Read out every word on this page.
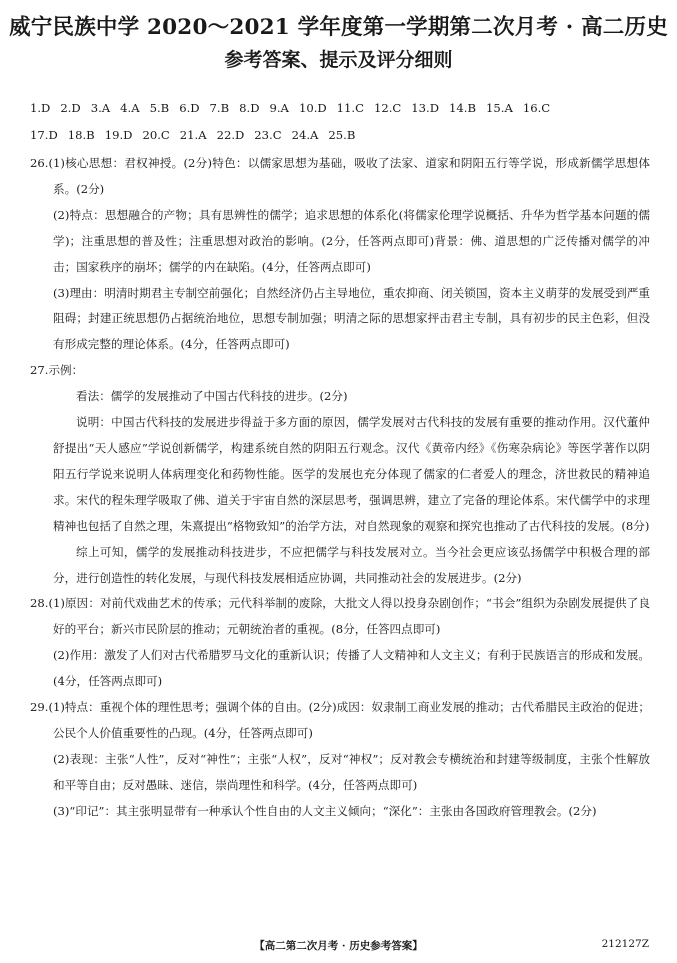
威宁民族中学 2020～2021 学年度第一学期第二次月考 · 高二历史
参考答案、提示及评分细则
1.D 2.D 3.A 4.A 5.B 6.D 7.B 8.D 9.A 10.D 11.C 12.C 13.D 14.B 15.A 16.C
17.D 18.B 19.D 20.C 21.A 22.D 23.C 24.A 25.B

26.(1)核心思想：君权神授。(2分)特色：以儒家思想为基础，吸收了法家、道家和阴阳五行等学说，形成新儒学思想体系。(2分)

(2)特点：思想融合的产物；具有思辨性的儒学；追求思想的体系化(将儒家伦理学说概括、升华为哲学基本问题的儒学)；注重思想的普及性；注重思想对政治的影响。(2分，任答两点即可)背景：佛、道思想的广泛传播对儒学的冲击；国家秩序的崩坏；儒学的内在缺陷。(4分，任答两点即可)

(3)理由：明清时期君主专制空前强化；自然经济仍占主导地位，重农抑商、闭关锁国，资本主义萌芽的发展受到严重阻碍；封建正统思想仍占据统治地位，思想专制加强；明清之际的思想家抨击君主专制，具有初步的民主色彩，但没有形成完整的理论体系。(4分，任答两点即可)

27.示例：

看法：儒学的发展推动了中国古代科技的进步。(2分)

说明：中国古代科技的发展进步得益于多方面的原因，儒学发展对古代科技的发展有重要的推动作用。汉代董仲舒提出“天人感应”学说创新儒学，构建系统自然的阴阳五行观念。汉代《黄帝内经》《伤寒杂病论》等医学著作以阴阳五行学说来说明人体病理变化和药物性能。医学的发展也充分体现了儒家的仁者爱人的理念，济世救民的精神追求。宋代的程朱理学吸取了佛、道关于宇宙自然的深层思考，强调思辨，建立了完备的理论体系。宋代儒学中的求理精神也包括了自然之理，朱熹提出“格物致知”的治学方法，对自然现象的观察和探究也推动了古代科技的发展。(8分)

综上可知，儒学的发展推动科技进步，不应把儒学与科技发展对立。当今社会更应该弘扬儒学中积极合理的部分，进行创造性的转化发展，与现代科技发展相适应协调，共同推动社会的发展进步。(2分)

28.(1)原因：对前代戏曲艺术的传承；元代科举制的废除，大批文人得以投身杂剧创作；“书会”组织为杂剧发展提供了良好的平台；新兴市民阶层的推动；元朝统治者的重视。(8分，任答四点即可)

(2)作用：激发了人们对古代希腊罗马文化的重新认识；传播了人文精神和人文主义；有利于民族语言的形成和发展。(4分，任答两点即可)

29.(1)特点：重视个体的理性思考；强调个体的自由。(2分)成因：奴隶制工商业发展的推动；古代希腊民主政治的促进；公民个人价值重要性的凸现。(4分，任答两点即可)

(2)表现：主张“人性”，反对“神性”；主张“人权”，反对“神权”；反对教会专横统治和封建等级制度，主张个性解放和平等自由；反对愚昧、迷信，崇尚理性和科学。(4分，任答两点即可)

(3)“印记”：其主张明显带有一种承认个性自由的人文主义倾向；“深化”：主张由各国政府管理教会。(2分)

【高二第二次月考 · 历史参考答案】	212127Z
